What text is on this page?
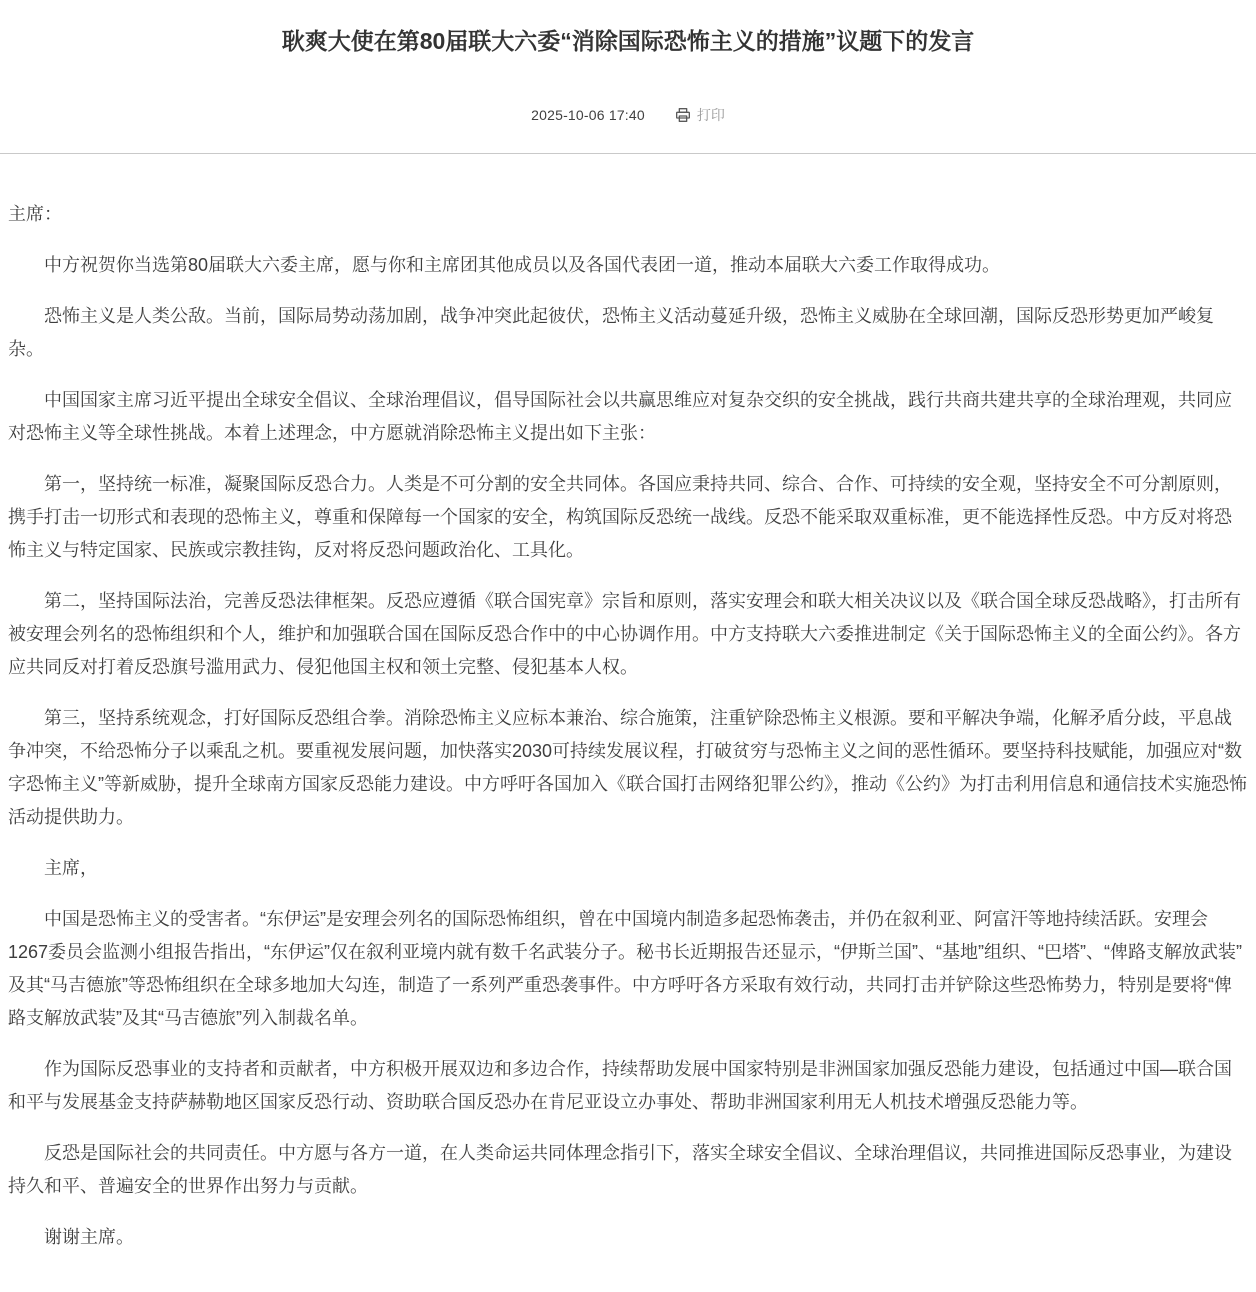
耿爽大使在第80届联大六委“消除国际恐怖主义的措施”议题下的发言
2025-10-06 17:40	打印

主席：

中方祝贺你当选第80届联大六委主席，愿与你和主席团其他成员以及各国代表团一道，推动本届联大六委工作取得成功。

恐怖主义是人类公敌。当前，国际局势动荡加剧，战争冲突此起彼伏，恐怖主义活动蔓延升级，恐怖主义威胁在全球回潮，国际反恐形势更加严峻复杂。

中国国家主席习近平提出全球安全倡议、全球治理倡议，倡导国际社会以共赢思维应对复杂交织的安全挑战，践行共商共建共享的全球治理观，共同应对恐怖主义等全球性挑战。本着上述理念，中方愿就消除恐怖主义提出如下主张：

第一，坚持统一标准，凝聚国际反恐合力。人类是不可分割的安全共同体。各国应秉持共同、综合、合作、可持续的安全观，坚持安全不可分割原则，携手打击一切形式和表现的恐怖主义，尊重和保障每一个国家的安全，构筑国际反恐统一战线。反恐不能采取双重标准，更不能选择性反恐。中方反对将恐怖主义与特定国家、民族或宗教挂钩，反对将反恐问题政治化、工具化。

第二，坚持国际法治，完善反恐法律框架。反恐应遵循《联合国宪章》宗旨和原则，落实安理会和联大相关决议以及《联合国全球反恐战略》，打击所有被安理会列名的恐怖组织和个人，维护和加强联合国在国际反恐合作中的中心协调作用。中方支持联大六委推进制定《关于国际恐怖主义的全面公约》。各方应共同反对打着反恐旗号滥用武力、侵犯他国主权和领土完整、侵犯基本人权。

第三，坚持系统观念，打好国际反恐组合拳。消除恐怖主义应标本兼治、综合施策，注重铲除恐怖主义根源。要和平解决争端，化解矛盾分歧，平息战争冲突，不给恐怖分子以乘乱之机。要重视发展问题，加快落实2030可持续发展议程，打破贫穷与恐怖主义之间的恶性循环。要坚持科技赋能，加强应对“数字恐怖主义”等新威胁，提升全球南方国家反恐能力建设。中方呼吁各国加入《联合国打击网络犯罪公约》，推动《公约》为打击利用信息和通信技术实施恐怖活动提供助力。

主席，

中国是恐怖主义的受害者。“东伊运”是安理会列名的国际恐怖组织，曾在中国境内制造多起恐怖袭击，并仍在叙利亚、阿富汗等地持续活跃。安理会1267委员会监测小组报告指出，“东伊运”仅在叙利亚境内就有数千名武装分子。秘书长近期报告还显示，“伊斯兰国”、“基地”组织、“巴塔”、“俾路支解放武装”及其“马吉德旅”等恐怖组织在全球多地加大勾连，制造了一系列严重恐袭事件。中方呼吁各方采取有效行动，共同打击并铲除这些恐怖势力，特别是要将“俾路支解放武装”及其“马吉德旅”列入制裁名单。

作为国际反恐事业的支持者和贡献者，中方积极开展双边和多边合作，持续帮助发展中国家特别是非洲国家加强反恐能力建设，包括通过中国—联合国和平与发展基金支持萨赫勒地区国家反恐行动、资助联合国反恐办在肯尼亚设立办事处、帮助非洲国家利用无人机技术增强反恐能力等。

反恐是国际社会的共同责任。中方愿与各方一道，在人类命运共同体理念指引下，落实全球安全倡议、全球治理倡议，共同推进国际反恐事业，为建设持久和平、普遍安全的世界作出努力与贡献。

谢谢主席。
